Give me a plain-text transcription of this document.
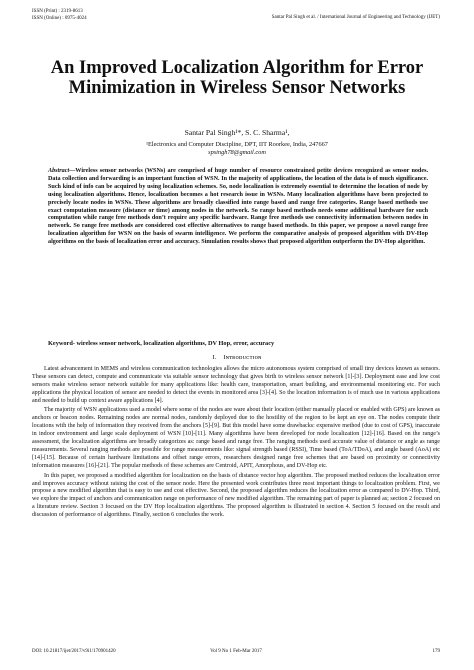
ISSN (Print) : 2319-8613
ISSN (Online) : 0975-4024	Santar Pal Singh et al. / International Journal of Engineering and Technology (IJET)
An Improved Localization Algorithm for Error Minimization in Wireless Sensor Networks
Santar Pal Singh¹*, S. C. Sharma¹,
¹Electronics and Computer Discipline, DPT, IIT Roorkee, India, 247667
spsingh78@gmail.com

Abstract—Wireless sensor networks (WSNs) are comprised of huge number of resource constrained petite devices recognized as sensor nodes. Data collection and forwarding is an important function of WSN. In the majority of applications, the location of the data is of much significance. Such kind of info can be acquired by using localization schemes. So, node localization is extremely essential to determine the location of node by using localization algorithms. Hence, localization becomes a hot research issue in WSNs. Many localization algorithms have been projected to precisely locate nodes in WSNs. These algorithms are broadly classified into range based and range free categories. Range based methods use exact computation measure (distance or time) among nodes in the network. So range based methods needs some additional hardware for such computation while range free methods don’t require any specific hardware. Range free methods use connectivity information between nodes in network. So range free methods are considered cost effective alternatives to range based methods. In this paper, we propose a novel range free localization algorithm for WSN on the basis of swarm intelligence. We perform the comparative analysis of proposed algorithm with DV-Hop algorithms on the basis of localization error and accuracy. Simulation results shows that proposed algorithm outperform the DV-Hop algorithm.

Keyword- wireless sensor network, localization algorithms, DV Hop, error, accuracy

I. Iɴᴛʀᴏᴅᴜᴄᴛɪᴏɴ

Latest advancement in MEMS and wireless communication technologies allows the micro autonomous system comprised of small tiny devices known as sensors. These sensors can detect, compute and communicate via suitable sensor technology that gives birth to wireless sensor network [1]-[3]. Deployment ease and low cost sensors make wireless sensor network suitable for many applications like: health care, transportation, smart building, and environmental monitoring etc. For such applications the physical location of sensor are needed to detect the events in monitored area [3]-[4]. So the location information is of much use in various applications and needed to build up context aware applications [4].

The majority of WSN applications used a model where some of the nodes are ware about their location (either manually placed or enabled with GPS) are known as anchors or beacon nodes. Remaining nodes are normal nodes, randomly deployed due to the hostility of the region to be kept an eye on. The nodes compute their locations with the help of information they received from the anchors [5]-[9]. But this model have some drawbacks: expensive method (due to cost of GPS), inaccurate in indoor environment and large scale deployment of WSN [10]-[11]. Many algorithms have been developed for node localization [12]-[16]. Based on the range’s assessment, the localization algorithms are broadly categorizes as: range based and range free. The ranging methods used accurate value of distance or angle as range measurements. Several ranging methods are possible for range measurements like: signal strength based (RSSI), Time based (ToA/TDoA), and angle based (AoA) etc [14]-[15]. Because of certain hardware limitations and offset range errors, researchers designed range free schemes that are based on proximity or connectivity information measures [16]-[21]. The popular methods of these schemes are Centroid, APIT, Amorphous, and DV-Hop etc.

In this paper, we proposed a modified algorithm for localization on the basis of distance vector hop algorithm. The proposed method reduces the localization error and improves accuracy without raising the cost of the sensor node. Here the presented work contributes three most important things to localization problem. First, we propose a new modified algorithm that is easy to use and cost effective. Second, the proposed algorithm reduces the localization error as compared to DV-Hop. Third, we explore the impact of anchors and communication range on performance of new modified algorithm. The remaining part of paper is planned as; section 2 focused on a literature review. Section 3 focused on the DV Hop localization algorithms. The proposed algorithm is illustrated in section 4. Section 5 focused on the result and discussion of performance of algorithms. Finally, section 6 concludes the work.

DOI: 10.21817/ijet/2017/v9i1/170901420	Vol 9 No 1 Feb-Mar 2017	179
